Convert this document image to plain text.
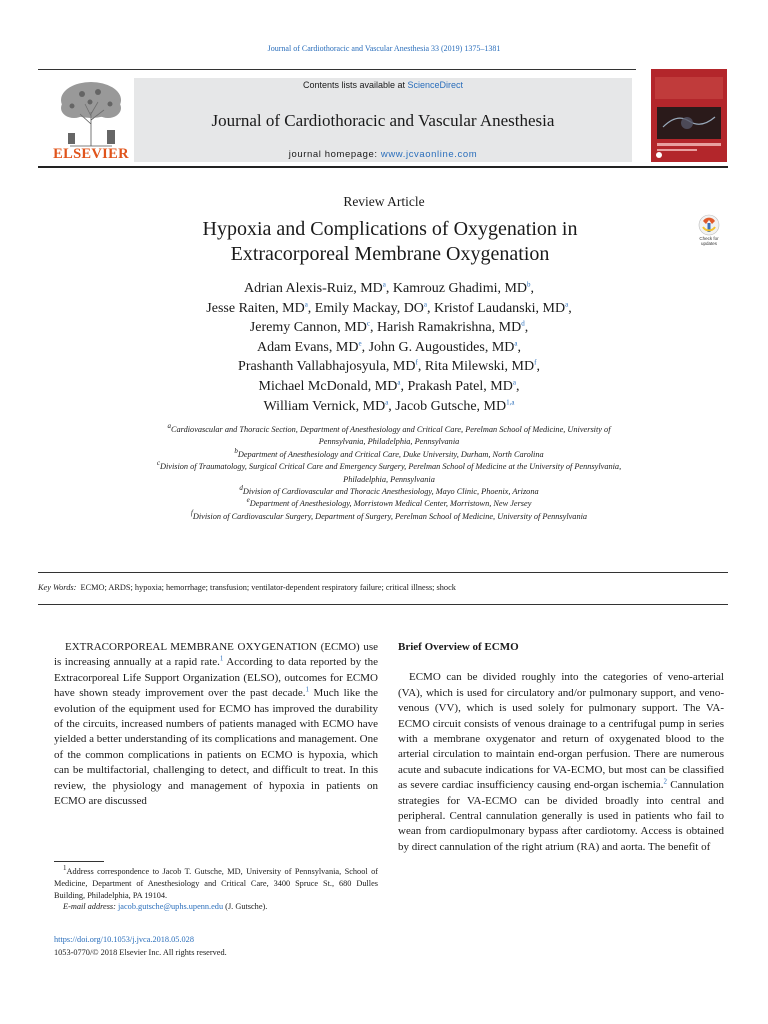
Journal of Cardiothoracic and Vascular Anesthesia 33 (2019) 1375–1381
ELSEVIER
Contents lists available at ScienceDirect
Journal of Cardiothoracic and Vascular Anesthesia
journal homepage: www.jcvaonline.com
Review Article
Hypoxia and Complications of Oxygenation in
Extracorporeal Membrane Oxygenation
Check for updates
Adrian Alexis-Ruiz, $MD^a$, Kamrouz Ghadimi, $MD^b$,
Jesse Raiten, $MD^a$, Emily Mackay, $DO^a$, Kristof Laudanski, $MD^a$,
Jeremy Cannon, $MD^c$, Harish Ramakrishna, $MD^d$,
Adam Evans, MDe, John G. Augoustides, $MD^a$,
Prashanth Vallabhajosyula, $MD^f$, Rita Milewski, $MD^f$,
Michael McDonald, $MD^a$, Prakash Patel, $MD^a$,
William Vernick, $MD^a$, Jacob Gutsche, MD$^{1,a}$
$^a$Cardiovascular and Thoracic Section, Department of Anesthesiology and Critical Care, Perelman School of Medicine, University of Pennsylvania, Philadelphia, Pennsylvania
$^b$Department of Anesthesiology and Critical Care, Duke University, Durham, North Carolina
$^c$Division of Traumatology, Surgical Critical Care and Emergency Surgery, Perelman School of Medicine at the University of Pennsylvania, Philadelphia, Pennsylvania
$^d$Division of Cardiovascular and Thoracic Anesthesiology, Mayo Clinic, Phoenix, Arizona
$^e$Department of Anesthesiology, Morristown Medical Center, Morristown, New Jersey
$^f$Division of Cardiovascular Surgery, Department of Surgery, Perelman School of Medicine, University of Pennsylvania
Key Words: ECMO; ARDS; hypoxia; hemorrhage; transfusion; ventilator-dependent respiratory failure; critical illness; shock

EXTRACORPOREAL MEMBRANE OXYGENATION (ECMO) use is increasing annually at a rapid rate.$^1$ According to data reported by the Extracorporeal Life Support Organization (ELSO), outcomes for ECMO have shown steady improvement over the past decade.$^1$ Much like the evolution of the equipment used for ECMO has improved the durability of the circuits, increased numbers of patients managed with ECMO have yielded a better understanding of its complications and management. One of the common complications in patients on ECMO is hypoxia, which can be multifactorial, challenging to detect, and difficult to treat. In this review, the physiology and management of hypoxia in patients on ECMO are discussed

Brief Overview of ECMO

ECMO can be divided roughly into the categories of veno-arterial (VA), which is used for circulatory and/or pulmonary support, and veno-venous (VV), which is used solely for pulmonary support. The VA-ECMO circuit consists of venous drainage to a centrifugal pump in series with a membrane oxygenator and return of oxygenated blood to the arterial circulation to maintain end-organ perfusion. There are numerous acute and subacute indications for VA-ECMO, but most can be classified as severe cardiac insufficiency causing end-organ ischemia.$^2$ Cannulation strategies for VA-ECMO can be divided broadly into central and peripheral. Central cannulation generally is used in patients who fail to wean from cardiopulmonary bypass after cardiotomy. Access is obtained by direct cannulation of the right atrium (RA) and aorta. The benefit of

$^1$Address correspondence to Jacob T. Gutsche, MD, University of Pennsylvania, School of Medicine, Department of Anesthesiology and Critical Care, 3400 Spruce St., 680 Dulles Building, Philadelphia, PA 19104.
E-mail address: jacob.gutsche@uphs.upenn.edu (J. Gutsche).
https://doi.org/10.1053/j.jvca.2018.05.028
1053-0770/© 2018 Elsevier Inc. All rights reserved.
